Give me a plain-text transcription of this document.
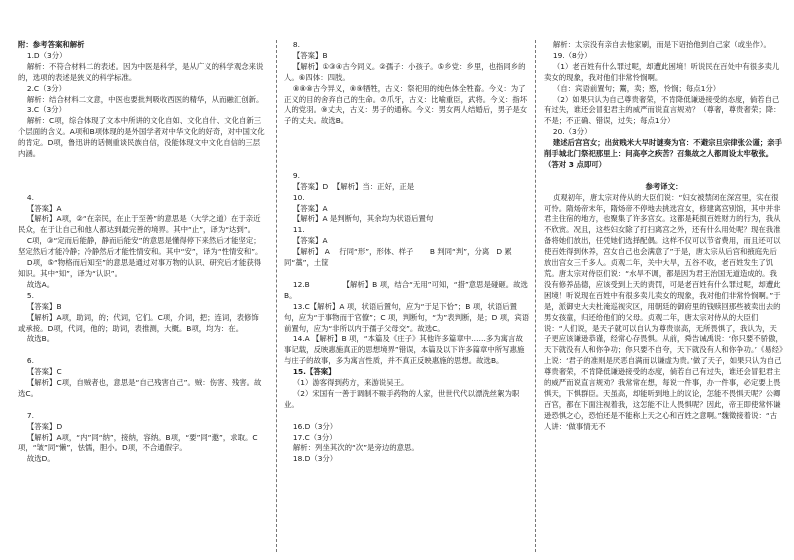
附：参考答案和解析

1.D（3分）

解析：不符合材料二的表述。因为中医是科学，是从广义的科学观念来说的，选项的表述是狭义的科学标准。

2.C（3分）

解析：结合材料二文意，中医也要批判吸收西医的精华，从而融汇创新。

3.C（3分）

解析：C项，综合体现了文本中所讲的文化自如、文化自什、文化自新三个层面的含义。A项和B项体现的是外国学者对中华文化的好奇，对中国文化的肯定。D项，鲁迅讲的话侧重谈民族自信，没能体现文中文化自信的三层内涵。

4.

【答案】A

【解析】A项，②“在亲民，在止于至善”的意思是（大学之道）在于亲近民众，在于让自己和他人都达到最完善的境界。其中“止”，译为“达到”。

C项，③“定而后能静，静而后能安”的意思是懂得停下来然后才能坚定；坚定然后才能冷静；冷静然后才能性情安和。其中“安”，译为“性情安和”。

D项，⑤“物格而后知至”的意思是通过对事万物的认识、研究后才能获得知识。其中“知”，译为“认识”。

故选A。

5.

【答案】B

【解析】A项，助词，的；代词，它们。C项，介词，把；连词，表修饰或承接。D项，代词，他的；助词，表推测，大概。B项，均为：在。

故选B。

6.

【答案】C

【解析】C项，自贼者也，意思是“自己残害自己”。贼：伤害、残害。故选C。

7.

【答案】D

【解析】A项，“内”同“纳”，接纳，容纳。B项，“要”同“邀”，求取。C项，“皱”同“懒”，怯懦，胆小。D项，不合通假字。

故选D。

8.

【答案】B

【解析】①③④古今同义。②孺子：小孩子。⑤乡党：乡里，也指同乡的人。⑥四体：四肢。

⑧⑧⑧古今异义，⑧⑨牺牲，古义：祭祀用的纯色体全牲畜。今义：为了正义的目的舍弃自己的生命。⑦爪牙，古义：比喻重臣，武将。今义：指坏人的党羽。⑨丈夫，古义：男子的通称。今义：男女两人结婚后，男子是女子的丈夫。故选B。

9.

【答案】D  【解析】当：正好，正是

10.

【答案】A

【解析】A 是判断句，其余均为状语后置句

11.

【答案】A

【解析】 A    行同“形”，形体、样子       B 判同“判”，分离   D 累同“藁”，土筐

12.B              【解析】B 项，结合“无用”可知，“措”意思是碰砸。故选B。

13.C【解析】A 项，状语后置句，应为“于足下恰”；B 项，状语后置句，应为“于事物而于官僚”；C 项，判断句，“为”表判断，是；D 项，宾语前置句，应为“非所以内于孺子父母交”。故选C。

14.A 【解析】B 项，“本篇及《庄子》其他许多篇章中……多为寓言故事记载，反映惠施真正的思想境界”错误，本篇及以下许多篇章中所写惠施与庄子的故事，多为寓言性质，并不真正反映惠施的思想。故选B。

15.【答案】

（1）游客得到药方，来游说吴王。

（2）宋国有一善于调制不皲手药物的人家，世世代代以漂洗丝絮为职业。

16.D（3分）

17.C（3分）

解析：列坐其次的“次”是旁边的意思。

18.D（3分）

解析：太宗没有亲自去他家刷，而是下诏抬他到自己家（或坐作）。

19.（8分）

（1）老百姓有什么罪过呢，却遭此困境！听说民在百处中有很多卖儿卖女的现象，我对他们非常怜悯啊。

（自：宾语前置句；鬻，卖；愍，怜悯；每点1分）

（2）如果只认为自己尊贵奢荣，不肯降低谦逊接受的态度，倘若自己有过失，谁还会冒犯君主的威严而说直言规劝？（尊奢，尊贵奢荣；降：不是；不正确、错误，过失；每点1分）

20.（3分）

建述后宫宫女；出贫贱米大早时谜奏为官：不避宗旦宗律张公谨；亲手削手城北门祭祀那里上：问高亭之疾苦？召集故之人都周设太牢敬张。（答对 3 点即可）

参考译文：

贞观初年，唐太宗对侍从的大臣们说：“妇女被禁闭在深宫里，实在很可怜。隋炀帝末年，隋炀帝不停地去挑选宫女，修建离宫别馆，其中并非君主住宿的地方，也聚集了许多宫女。这都是耗损百姓财力的行为，我从不欣赏。况且，这些妇女除了打扫离宫之外，还有什么用处呢？现在我准备将她们放出，任凭她们选择配偶。这样不仅可以节省费用，而且还可以使百姓得到休养，宫女自己也会满意了”于是，唐太宗从后宫和掖庭先后放出宫女三千多人。贞观二年，关中大旱，五谷不收，老百姓发生了饥荒。唐太宗对侍臣们说：“水旱不调，都是因为君王治国无道造成的。我没有修养品德，应该受到上天的责罚，可是老百姓有什么罪过呢，却遭此困境！听说现在百姓中有很多卖儿卖女的现象，我对他们非常怜悯啊。”于是，派御史大夫杜淹巡视灾区，用朝廷的御府里的钱赎回那些被卖出去的男女孩童，归还给他们的父母。贞观二年，唐太宗对侍从的大臣们说：“人们说，是天子就可以自认为尊贵崇高，无所畏惧了，我认为，天子更应该谦逊恭谨，经常心存畏惧。从前，舜告诫禹说：‘你只要不骄傲，天下就没有人和你争功；你只要不自夸，天下就没有人和你争功。’《易经》上说：‘君子的准则是厌恶自满而以谦虚为贵。’做了天子，如果只认为自己尊贵奢荣，不肯降低谦逊接受的态度，倘若自己有过失，谁还会冒犯君主的威严而说直言规劝？我常常在想，每说一件事，办一件事，必定要上畏惧天，下惧群臣。天虽高，却能听到地上的议论，怎能不畏惧天呢？公卿百官，都在下面注视着我，这怎能不让人畏惧呢？因此，帝王即使常怀谦逊恐惧之心，恐怕还是不能称上天之心和百姓之意啊。”魏徵接着说：“古人讲：‘做事情无不
